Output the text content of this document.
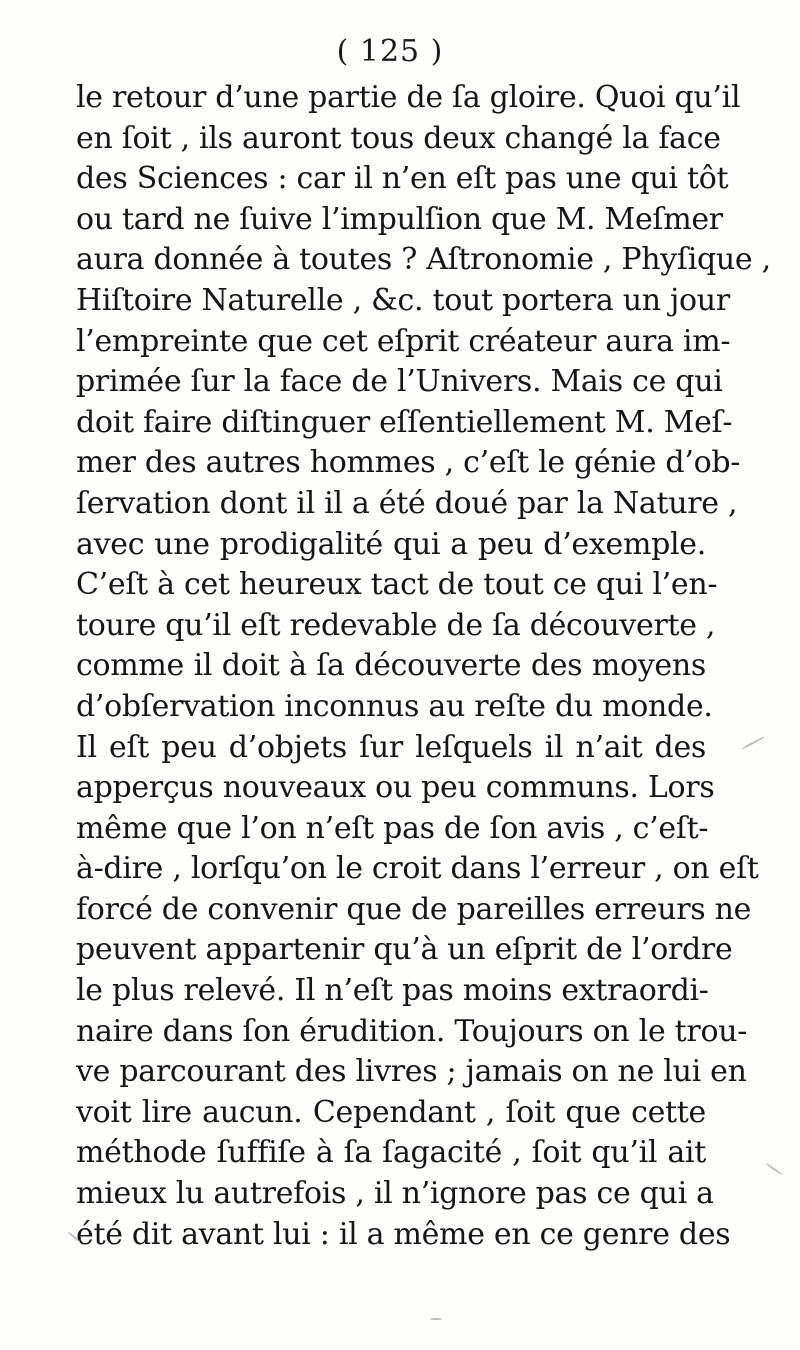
( 125 )
le retour d’une partie de ſa gloire. Quoi qu’il
en ſoit , ils auront tous deux changé la face
des Sciences : car il n’en eſt pas une qui tôt
ou tard ne ſuive l’impulſion que M. Meſmer
aura donnée à toutes ? Aſtronomie , Phyſique ,
Hiſtoire Naturelle , &c. tout portera un jour
l’empreinte que cet eſprit créateur aura im-
primée ſur la face de l’Univers. Mais ce qui
doit faire diſtinguer eſſentiellement M. Meſ-
mer des autres hommes , c’eſt le génie d’ob-
ſervation dont il il a été doué par la Nature ,
avec une prodigalité qui a peu d’exemple.
C’eſt à cet heureux tact de tout ce qui l’en-
toure qu’il eſt redevable de ſa découverte ,
comme il doit à ſa découverte des moyens
d’obſervation inconnus au reſte du monde.
Il eſt peu d’objets ſur leſquels il n’ait des
apperçus nouveaux ou peu communs. Lors
même que l’on n’eſt pas de ſon avis , c’eſt-
à-dire , lorſqu’on le croit dans l’erreur , on eſt
forcé de convenir que de pareilles erreurs ne
peuvent appartenir qu’à un eſprit de l’ordre
le plus relevé. Il n’eſt pas moins extraordi-
naire dans ſon érudition. Toujours on le trou-
ve parcourant des livres ; jamais on ne lui en
voit lire aucun. Cependant , ſoit que cette
méthode ſuffiſe à ſa ſagacité , ſoit qu’il ait
mieux lu autrefois , il n’ignore pas ce qui a
été dit avant lui : il a même en ce genre des
